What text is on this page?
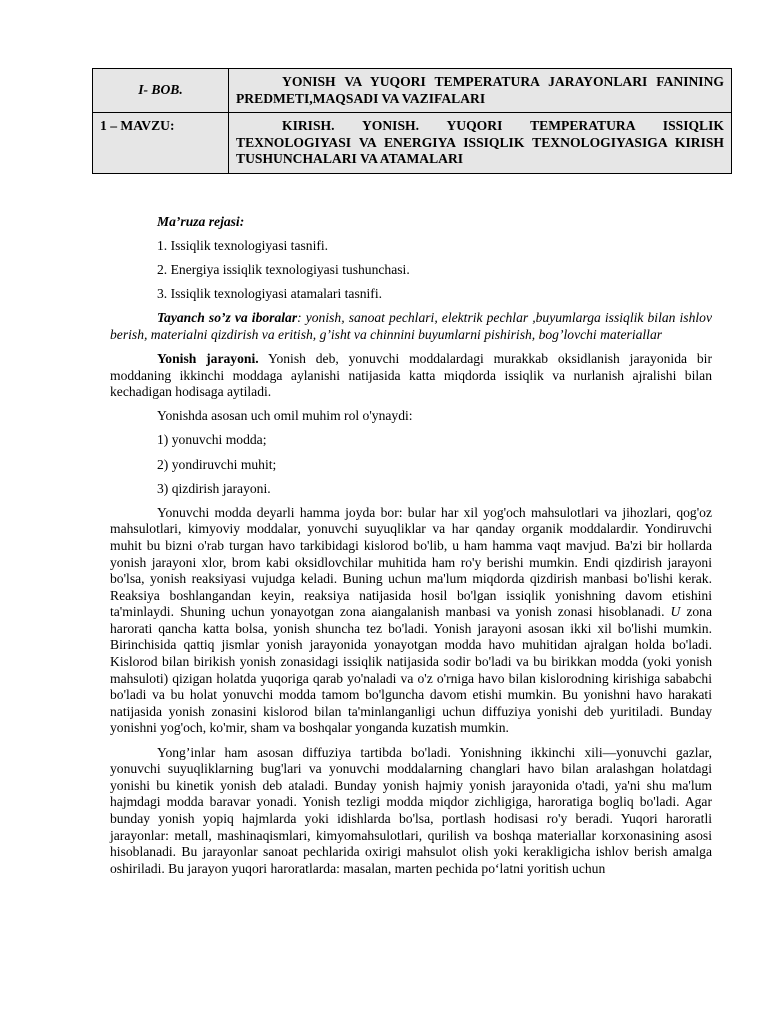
I- BOB.	YONISH VA YUQORI TEMPERATURA JARAYONLARI FANINING PREDMETI,MAQSADI VA VAZIFALARI
1 – MAVZU:	KIRISH. YONISH. YUQORI TEMPERATURA ISSIQLIK TEXNOLOGIYASI VA ENERGIYA ISSIQLIK TEXNOLOGIYASIGA KIRISH TUSHUNCHALARI VA ATAMALARI

Ma’ruza rejasi:

1. Issiqlik texnologiyasi tasnifi.

2. Energiya issiqlik texnologiyasi tushunchasi.

3. Issiqlik texnologiyasi atamalari tasnifi.

Tayanch so’z va iboralar: yonish, sanoat pechlari, elektrik pechlar ,buyumlarga issiqlik bilan ishlov berish, materialni qizdirish va eritish, g’isht va chinnini buyumlarni pishirish, bog’lovchi materiallar

Yonish jarayoni. Yonish deb, yonuvchi moddalardagi murakkab oksidlanish jarayonida bir moddaning ikkinchi moddaga aylanishi natijasida katta miqdorda issiqlik va nurlanish ajralishi bilan kechadigan hodisaga aytiladi.

Yonishda asosan uch omil muhim rol o'ynaydi:

1) yonuvchi modda;

2) yondiruvchi muhit;

3) qizdirish jarayoni.

Yonuvchi modda deyarli hamma joyda bor: bular har xil yog'och mahsulotlari va jihozlari, qog'oz mahsulotlari, kimyoviy moddalar, yonuvchi suyuqliklar va har qanday organik moddalardir. Yondiruvchi muhit bu bizni o'rab turgan havo tarkibidagi kislorod bo'lib, u ham hamma vaqt mavjud. Ba'zi bir hollarda yonish jarayoni xlor, brom kabi oksidlovchilar muhitida ham ro'y berishi mumkin. Endi qizdirish jarayoni bo'lsa, yonish reaksiyasi vujudga keladi. Buning uchun ma'lum miqdorda qizdirish manbasi bo'lishi kerak. Reaksiya boshlangandan keyin, reaksiya natijasida hosil bo'lgan issiqlik yonishning davom etishini ta'minlaydi. Shuning uchun yonayotgan zona aiangalanish manbasi va yonish zonasi hisoblanadi. U zona harorati qancha katta bolsa, yonish shuncha tez bo'ladi. Yonish jarayoni asosan ikki xil bo'lishi mumkin. Birinchisida qattiq jismlar yonish jarayonida yonayotgan modda havo muhitidan ajralgan holda bo'ladi. Kislorod bilan birikish yonish zonasidagi issiqlik natijasida sodir bo'ladi va bu birikkan modda (yoki yonish mahsuloti) qizigan holatda yuqoriga qarab yo'naladi va o'z o'rniga havo bilan kislorodning kirishiga sababchi bo'ladi va bu holat yonuvchi modda tamom bo'lguncha davom etishi mumkin. Bu yonishni havo harakati natijasida yonish zonasini kislorod bilan ta'minlanganligi uchun diffuziya yonishi deb yuritiladi. Bunday yonishni yog'och, ko'mir, sham va boshqalar yonganda kuzatish mumkin.

Yong’inlar ham asosan diffuziya tartibda bo'ladi. Yonishning ikkinchi xili—yonuvchi gazlar, yonuvchi suyuqliklarning bug'lari va yonuvchi moddalarning changlari havo bilan aralashgan holatdagi yonishi bu kinetik yonish deb ataladi. Bunday yonish hajmiy yonish jarayonida o'tadi, ya'ni shu ma'lum hajmdagi modda baravar yonadi. Yonish tezligi modda miqdor zichligiga, haroratiga bogliq bo'ladi. Agar bunday yonish yopiq hajmlarda yoki idishlarda bo'lsa, portlash hodisasi ro'y beradi. Yuqori haroratli jarayonlar: metall, mashinaqismlari, kimyomahsulotlari, qurilish va boshqa materiallar korxonasining asosi hisoblanadi. Bu jarayonlar sanoat pechlarida oxirigi mahsulot olish yoki kerakligicha ishlov berish amalga oshiriladi. Bu jarayon yuqori haroratlarda: masalan, marten pechida po‘latni yoritish uchun
